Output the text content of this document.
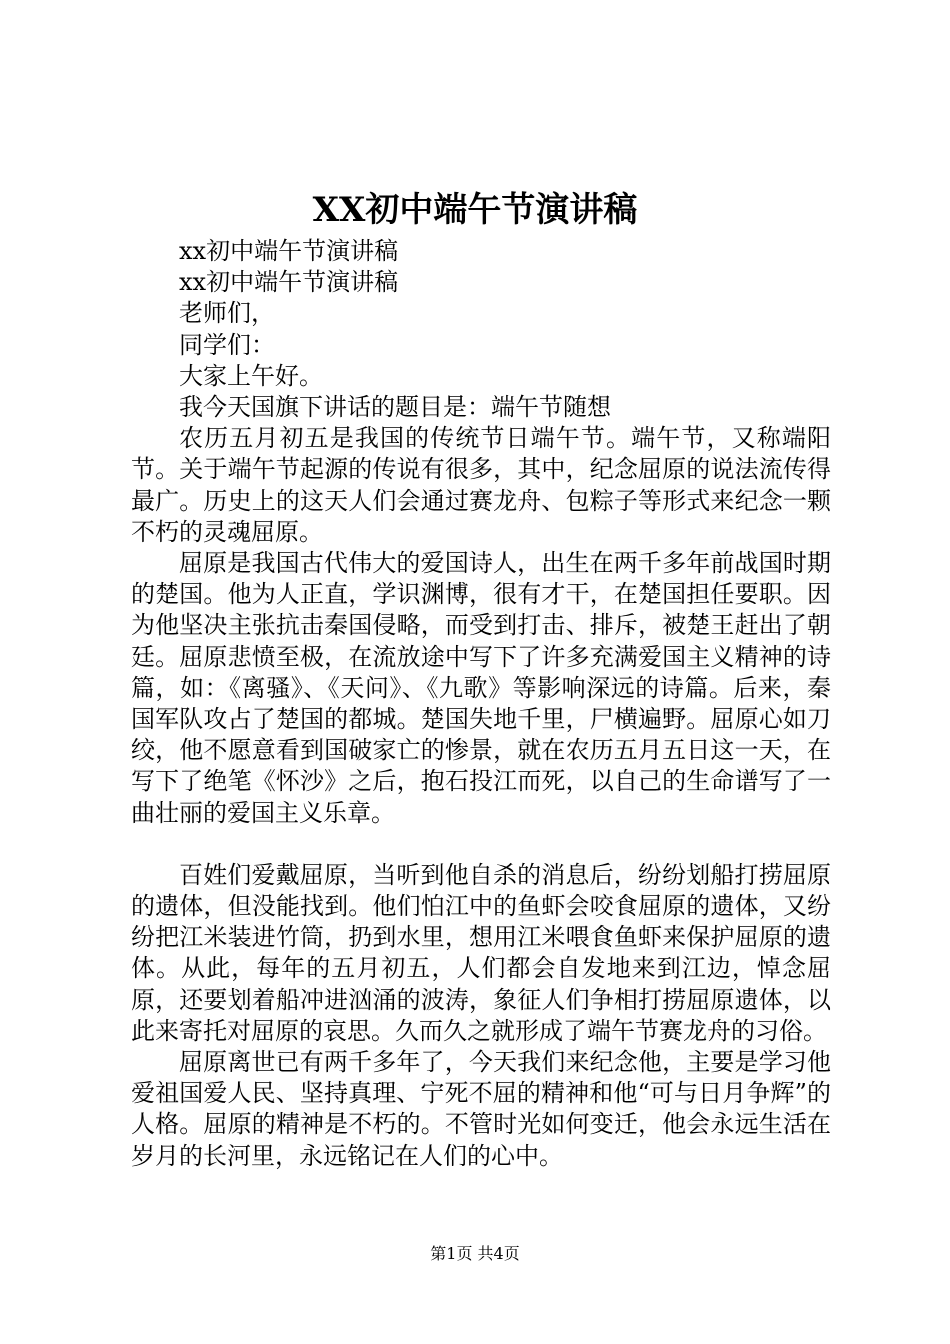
XX初中端午节演讲稿

xx初中端午节演讲稿

xx初中端午节演讲稿

老师们，

同学们：

大家上午好。

我今天国旗下讲话的题目是：端午节随想

农历五月初五是我国的传统节日端午节。端午节，又称端阳节。关于端午节起源的传说有很多，其中，纪念屈原的说法流传得最广。历史上的这天人们会通过赛龙舟、包粽子等形式来纪念一颗不朽的灵魂屈原。

屈原是我国古代伟大的爱国诗人，出生在两千多年前战国时期的楚国。他为人正直，学识渊博，很有才干，在楚国担任要职。因为他坚决主张抗击秦国侵略，而受到打击、排斥，被楚王赶出了朝廷。屈原悲愤至极，在流放途中写下了许多充满爱国主义精神的诗篇，如：《离骚》、《天问》、《九歌》等影响深远的诗篇。后来，秦国军队攻占了楚国的都城。楚国失地千里，尸横遍野。屈原心如刀绞，他不愿意看到国破家亡的惨景，就在农历五月五日这一天，在写下了绝笔《怀沙》之后，抱石投江而死，以自己的生命谱写了一曲壮丽的爱国主义乐章。

百姓们爱戴屈原，当听到他自杀的消息后，纷纷划船打捞屈原的遗体，但没能找到。他们怕江中的鱼虾会咬食屈原的遗体，又纷纷把江米装进竹筒，扔到水里，想用江米喂食鱼虾来保护屈原的遗体。从此，每年的五月初五，人们都会自发地来到江边，悼念屈原，还要划着船冲进汹涌的波涛，象征人们争相打捞屈原遗体，以此来寄托对屈原的哀思。久而久之就形成了端午节赛龙舟的习俗。

屈原离世已有两千多年了，今天我们来纪念他，主要是学习他爱祖国爱人民、坚持真理、宁死不屈的精神和他“可与日月争辉”的人格。屈原的精神是不朽的。不管时光如何变迁，他会永远生活在岁月的长河里，永远铭记在人们的心中。

第1页 共4页
